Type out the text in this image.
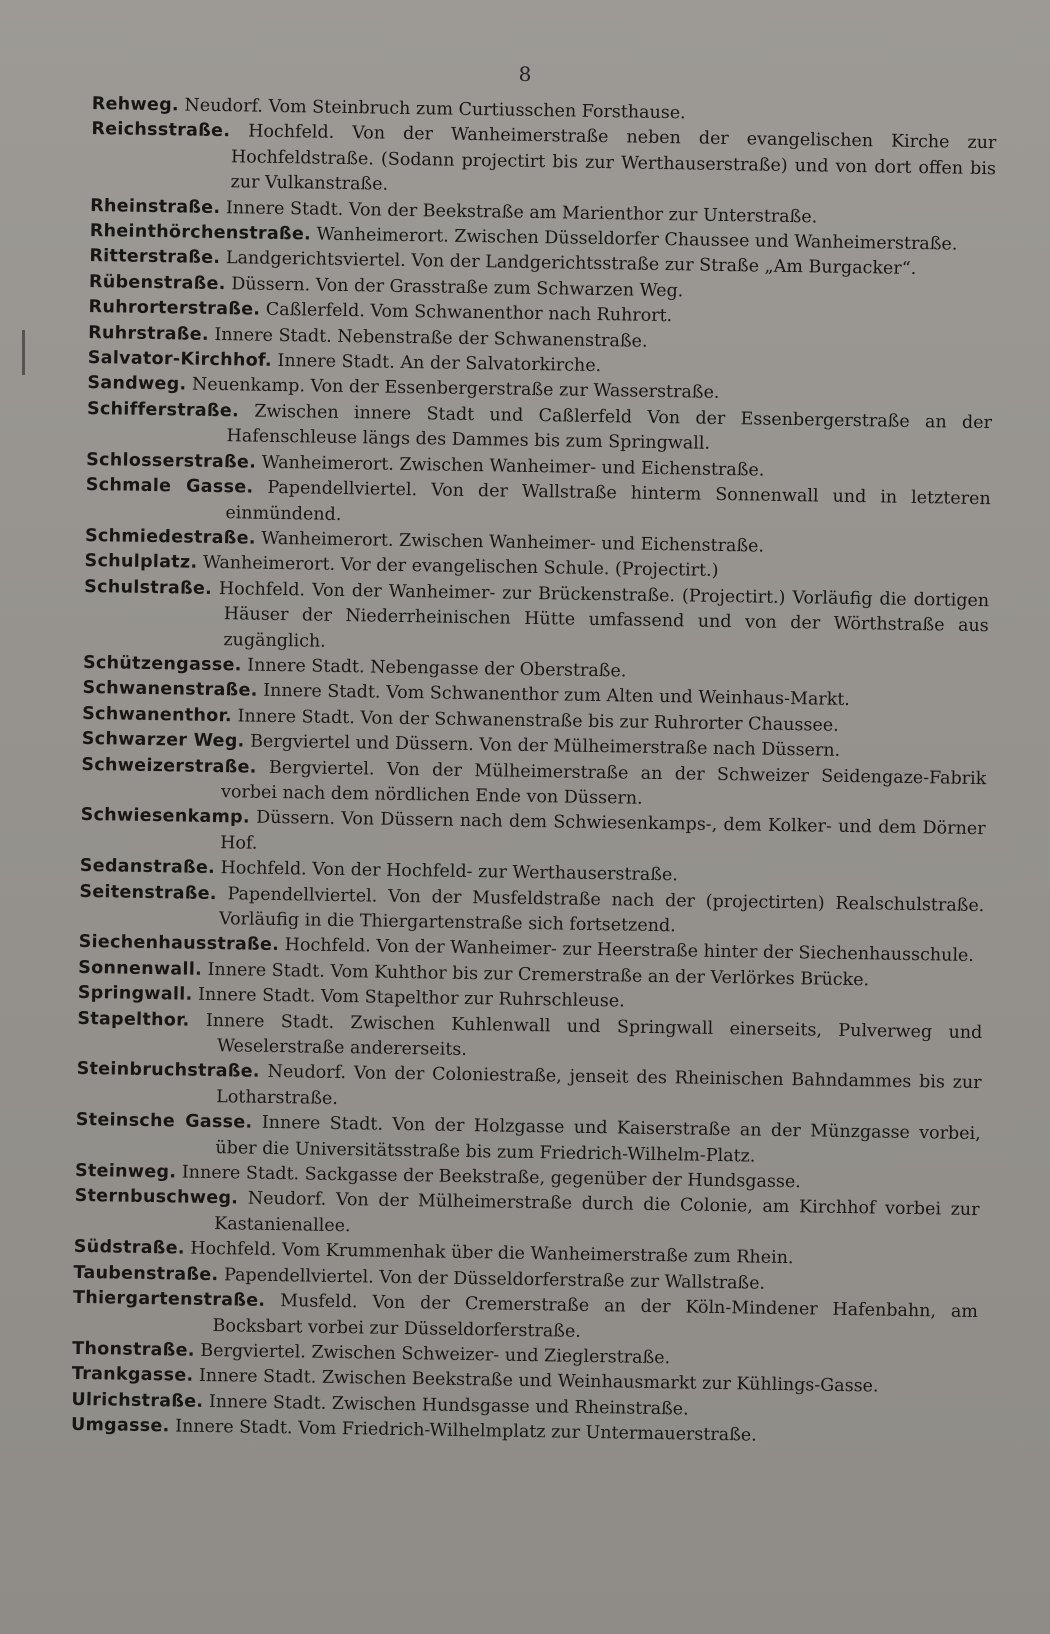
8
Rehweg. Neudorf. Vom Steinbruch zum Curtiusschen Forsthause.
Reichsstraße. Hochfeld. Von der Wanheimerstraße neben der evangelischen Kirche zur Hochfeldstraße. (Sodann projectirt bis zur Werthauserstraße) und von dort offen bis zur Vulkanstraße.
Rheinstraße. Innere Stadt. Von der Beekstraße am Marienthor zur Unterstraße.
Rheinthörchenstraße. Wanheimerort. Zwischen Düsseldorfer Chaussee und Wanheimerstraße.
Ritterstraße. Landgerichtsviertel. Von der Landgerichtsstraße zur Straße „Am Burgacker“.
Rübenstraße. Düssern. Von der Grasstraße zum Schwarzen Weg.
Ruhrorterstraße. Caßlerfeld. Vom Schwanenthor nach Ruhrort.
Ruhrstraße. Innere Stadt. Nebenstraße der Schwanenstraße.
Salvator-Kirchhof. Innere Stadt. An der Salvatorkirche.
Sandweg. Neuenkamp. Von der Essenbergerstraße zur Wasserstraße.
Schifferstraße. Zwischen innere Stadt und Caßlerfeld Von der Essenbergerstraße an der Hafenschleuse längs des Dammes bis zum Springwall.
Schlosserstraße. Wanheimerort. Zwischen Wanheimer- und Eichenstraße.
Schmale Gasse. Papendellviertel. Von der Wallstraße hinterm Sonnenwall und in letzteren einmündend.
Schmiedestraße. Wanheimerort. Zwischen Wanheimer- und Eichenstraße.
Schulplatz. Wanheimerort. Vor der evangelischen Schule. (Projectirt.)
Schulstraße. Hochfeld. Von der Wanheimer- zur Brückenstraße. (Projectirt.) Vorläufig die dortigen Häuser der Niederrheinischen Hütte umfassend und von der Wörthstraße aus zugänglich.
Schützengasse. Innere Stadt. Nebengasse der Oberstraße.
Schwanenstraße. Innere Stadt. Vom Schwanenthor zum Alten und Weinhaus-Markt.
Schwanenthor. Innere Stadt. Von der Schwanenstraße bis zur Ruhrorter Chaussee.
Schwarzer Weg. Bergviertel und Düssern. Von der Mülheimerstraße nach Düssern.
Schweizerstraße. Bergviertel. Von der Mülheimerstraße an der Schweizer Seidengaze-Fabrik vorbei nach dem nördlichen Ende von Düssern.
Schwiesenkamp. Düssern. Von Düssern nach dem Schwiesenkamps-, dem Kolker- und dem Dörner Hof.
Sedanstraße. Hochfeld. Von der Hochfeld- zur Werthauserstraße.
Seitenstraße. Papendellviertel. Von der Musfeldstraße nach der (projectirten) Realschulstraße. Vorläufig in die Thiergartenstraße sich fortsetzend.
Siechenhausstraße. Hochfeld. Von der Wanheimer- zur Heerstraße hinter der Siechenhausschule.
Sonnenwall. Innere Stadt. Vom Kuhthor bis zur Cremerstraße an der Verlörkes Brücke.
Springwall. Innere Stadt. Vom Stapelthor zur Ruhrschleuse.
Stapelthor. Innere Stadt. Zwischen Kuhlenwall und Springwall einerseits, Pulverweg und Weselerstraße andererseits.
Steinbruchstraße. Neudorf. Von der Coloniestraße, jenseit des Rheinischen Bahndammes bis zur Lotharstraße.
Steinsche Gasse. Innere Stadt. Von der Holzgasse und Kaiserstraße an der Münzgasse vorbei, über die Universitätsstraße bis zum Friedrich-Wilhelm-Platz.
Steinweg. Innere Stadt. Sackgasse der Beekstraße, gegenüber der Hundsgasse.
Sternbuschweg. Neudorf. Von der Mülheimerstraße durch die Colonie, am Kirchhof vorbei zur Kastanienallee.
Südstraße. Hochfeld. Vom Krummenhak über die Wanheimerstraße zum Rhein.
Taubenstraße. Papendellviertel. Von der Düsseldorferstraße zur Wallstraße.
Thiergartenstraße. Musfeld. Von der Cremerstraße an der Köln-Mindener Hafenbahn, am Bocksbart vorbei zur Düsseldorferstraße.
Thonstraße. Bergviertel. Zwischen Schweizer- und Zieglerstraße.
Trankgasse. Innere Stadt. Zwischen Beekstraße und Weinhausmarkt zur Kühlings-Gasse.
Ulrichstraße. Innere Stadt. Zwischen Hundsgasse und Rheinstraße.
Umgasse. Innere Stadt. Vom Friedrich-Wilhelmplatz zur Untermauerstraße.
